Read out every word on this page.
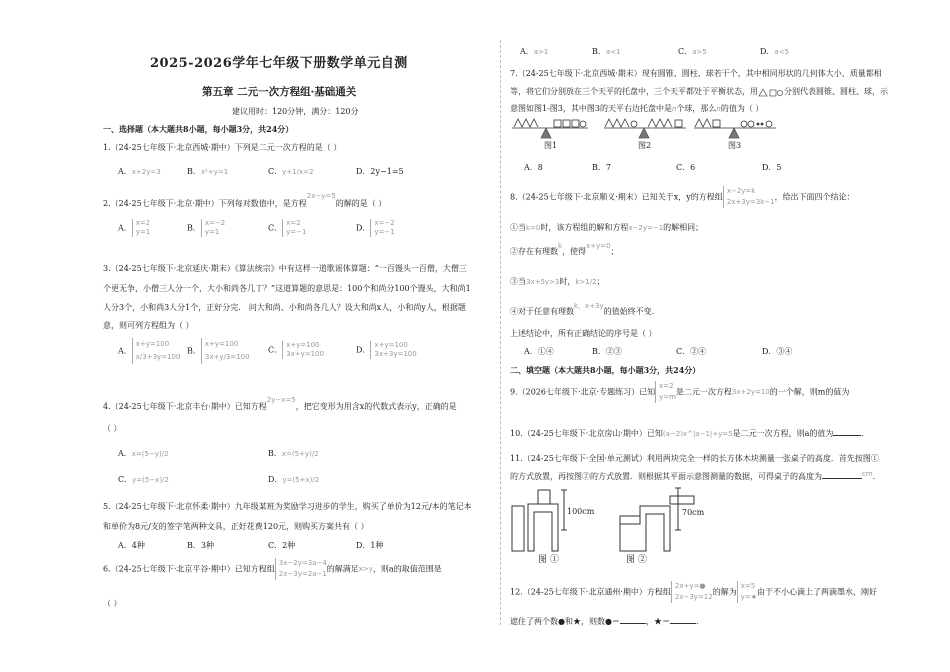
2025-2026学年七年级下册数学单元自测
第五章 二元一次方程组·基础通关
建议用时：120分钟，满分：120分
一、选择题（本大题共8小题，每小题3分，共24分）
1.（24-25七年级下·北京西城·期中）下列是二元一次方程的是（ ）
A．x+2y=3	B．x²+y=1	C．y+1/x=2	D．2y−1=5
2.（24-25七年级下·北京·期中）下列每对数值中，是方程2x−y=5的解的是（ ）
A．x=2
y=1	B．x=−2
y=1	C．x=2
y=−1	D．x=−2
y=−1
3.（24-25七年级下·北京延庆·期末）《算法统宗》中有这样一道歌谣体算题：“一百馒头一百僧，大僧三
个更无争，小僧三人分一个，大小和尚各几丁？”这道算题的意思是：100个和尚分100个馒头，大和尚1
人分3个，小和尚3人分1个，正好分完． 问大和尚、小和尚各几人？设大和尚x人，小和尚y人，根据题
意，则可列方程组为（ ）
A．x+y=100
x/3+3y=100
B．x+y=100
3x+y/3=100
C．x+y=100
3x+y=100	D．x+y=100
3x+3y=100
4.（24-25七年级下·北京丰台·期中）已知方程2y−x=5，把它变形为用含x的代数式表示y，正确的是
（ ）
A．x=(5−y)/2	B．x=(5+y)/2
C．y=(5−x)/2	D．y=(5+x)/2
5.（24-25七年级下·北京怀柔·期中）九年级某班为奖励学习进步的学生，购买了单价为12元/本的笔记本
和单价为8元/支的签字笔两种文具，正好花费120元，则购买方案共有（ ）
A．4种	B．3种	C．2种	D．1种
6.（24-25七年级下·北京平谷·期中）已知方程组3x−2y=3a−4
2x−3y=2a−1的解满足x>y，则a的取值范围是
（ ）
A．a>1	B．a<1	C．a>5	D．a<5
7.（24-25七年级下·北京西城·期末）现有圆锥、圆柱、球若干个，其中相同形状的几何体大小、质量都相
等，将它们分别放在三个天平的托盘中，三个天平都处于平衡状态，用	分别代表圆锥、圆柱、球，示
意图如图1-图3，其中图3的天平右边托盘中是n个球，那么n的值为（ ）
图1	图2	图3
A．8	B．7	C．6	D．5
8.（24-25七年级下·北京顺义·期末）已知关于x，y的方程组x−2y=k
2x+3y=3k−1，给出下面四个结论：
①当k=0时，该方程组的解和方程x−2y=−1的解相同；
②存在有理数k，使得x+y=0；
③当3x+5y>3时，k>1/2；
④对于任意有理数k，x+3y的值始终不变．
上述结论中，所有正确结论的序号是（ ）
A．①④	B．②③	C．②④	D．③④
二、填空题（本大题共8小题，每小题3分，共24分）
9.（2026七年级下·北京·专题练习）已知x=2
y=m是二元一次方程3x+2y=10的一个解，则m的值为
10.（24-25七年级下·北京房山·期中）已知(a−2)x^|a−1|+y=5是二元一次方程，则a的值为	.
11.（24-25七年级下·全国·单元测试）利用两块完全一样的长方体木块测量一张桌子的高度．首先按图①
的方式放置，再按图②的方式放置．则根据其平面示意图测量的数据，可得桌子的高度为	cm．
100cm	70cm
图 ①	图 ②
12.（24-25七年级下·北京通州·期中）方程组2x+y=●
2x−3y=12的解为x=5
y=★由于不小心滴上了两滴墨水，刚好
遮住了两个数●和★，则数●＝	，★＝	.
